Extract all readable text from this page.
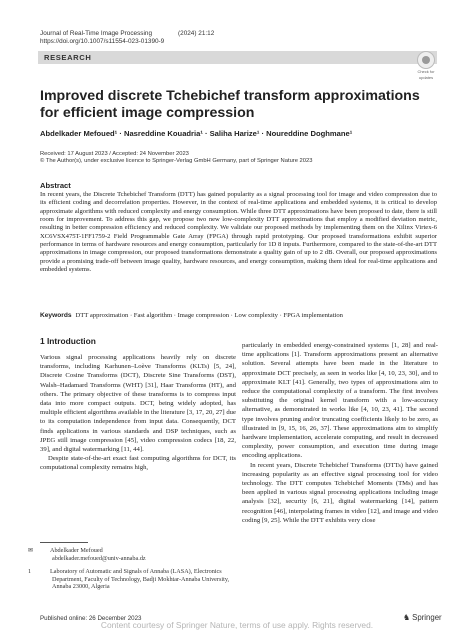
Journal of Real-Time Image Processing	(2024) 21:12
https://doi.org/10.1007/s11554-023-01390-9
RESEARCH
Check for
updates
Improved discrete Tchebichef transform approximations for efficient image compression
Abdelkader Mefoued¹ · Nasreddine Kouadria¹ · Saliha Harize¹ · Noureddine Doghmane¹
Received: 17 August 2023 / Accepted: 24 November 2023
© The Author(s), under exclusive licence to Springer-Verlag GmbH Germany, part of Springer Nature 2023
Abstract
In recent years, the Discrete Tchebichef Transform (DTT) has gained popularity as a signal processing tool for image and video compression due to its efficient coding and decorrelation properties. However, in the context of real-time applications and embedded systems, it is critical to develop approximate algorithms with reduced complexity and energy consumption. While three DTT approximations have been proposed to date, there is still room for improvement. To address this gap, we propose two new low-complexity DTT approximations that employ a modified deviation metric, resulting in better compression efficiency and reduced complexity. We validate our proposed methods by implementing them on the Xilinx Virtex-6 XC6VSX475T-1FF1759-2 Field Programmable Gate Array (FPGA) through rapid prototyping. Our proposed transformations exhibit superior performance in terms of hardware resources and energy consumption, particularly for 1D 8 inputs. Furthermore, compared to the state-of-the-art DTT approximations in image compression, our proposed transformations demonstrate a quality gain of up to 2 dB. Overall, our proposed approximations provide a promising trade-off between image quality, hardware resources, and energy consumption, making them ideal for real-time applications and embedded systems.
Keywords DTT approximation · Fast algorithm · Image compression · Low complexity · FPGA implementation
1 Introduction

Various signal processing applications heavily rely on discrete transforms, including Karhunen–Loève Transforms (KLTs) [5, 24], Discrete Cosine Transforms (DCT), Discrete Sine Transforms (DST), Walsh–Hadamard Transforms (WHT) [31], Haar Transforms (HT), and others. The primary objective of these transforms is to compress input data into more compact outputs. DCT, being widely adopted, has multiple efficient algorithms available in the literature [3, 17, 20, 27] due to its computation independence from input data. Consequently, DCT finds applications in various standards and DSP techniques, such as JPEG still image compression [45], video compression codecs [18, 22, 39], and digital watermarking [11, 44].

Despite state-of-the-art exact fast computing algorithms for DCT, its computational complexity remains high,

particularly in embedded energy-constrained systems [1, 28] and real-time applications [1]. Transform approximations present an alternative solution. Several attempts have been made in the literature to approximate DCT precisely, as seen in works like [4, 10, 23, 30], and to approximate KLT [41]. Generally, two types of approximations aim to reduce the computational complexity of a transform. The first involves substituting the original kernel transform with a low-accuracy alternative, as demonstrated in works like [4, 10, 23, 41]. The second type involves pruning and/or truncating coefficients likely to be zero, as illustrated in [9, 15, 16, 26, 37]. These approximations aim to simplify hardware implementation, accelerate computing, and result in decreased complexity, power consumption, and execution time during image encoding applications.

In recent years, Discrete Tchebichef Transforms (DTTs) have gained increasing popularity as an effective signal processing tool for video technology. The DTT computes Tchebichef Moments (TMs) and has been applied in various signal processing applications including image analysis [32], security [6, 21], digital watermarking [14], pattern recognition [46], interpolating frames in video [12], and image and video coding [9, 25]. While the DTT exhibits very close

✉	Abdelkader Mefoued
abdelkader.mefoued@univ-annaba.dz
1	Laboratory of Automatic and Signals of Annaba (LASA), Electronics Department, Faculty of Technology, Badji Mokhtar-Annaba University, Annaba 23000, Algeria
Published online: 26 December 2023	♞ Springer
Content courtesy of Springer Nature, terms of use apply. Rights reserved.
